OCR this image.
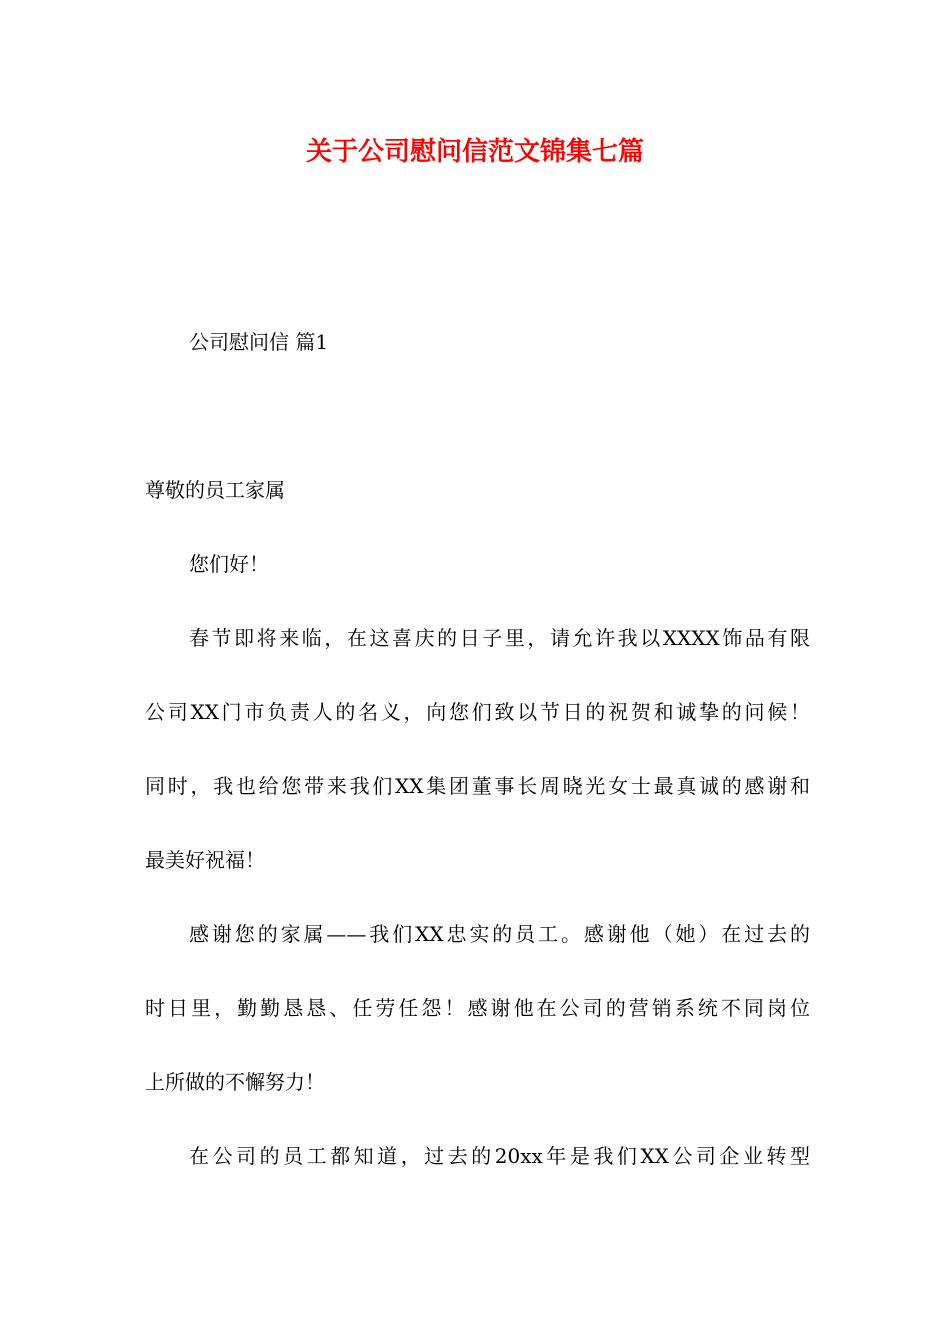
关于公司慰问信范文锦集七篇
公司慰问信 篇1
尊敬的员工家属
您们好！
春节即将来临，在这喜庆的日子里，请允许我以XXXX饰品有限
公司XX门市负责人的名义，向您们致以节日的祝贺和诚挚的问候！
同时，我也给您带来我们XX集团董事长周晓光女士最真诚的感谢和
最美好祝福！
感谢您的家属——我们XX忠实的员工。感谢他（她）在过去的
时日里，勤勤恳恳、任劳任怨！感谢他在公司的营销系统不同岗位
上所做的不懈努力！
在公司的员工都知道，过去的20xx年是我们XX公司企业转型
